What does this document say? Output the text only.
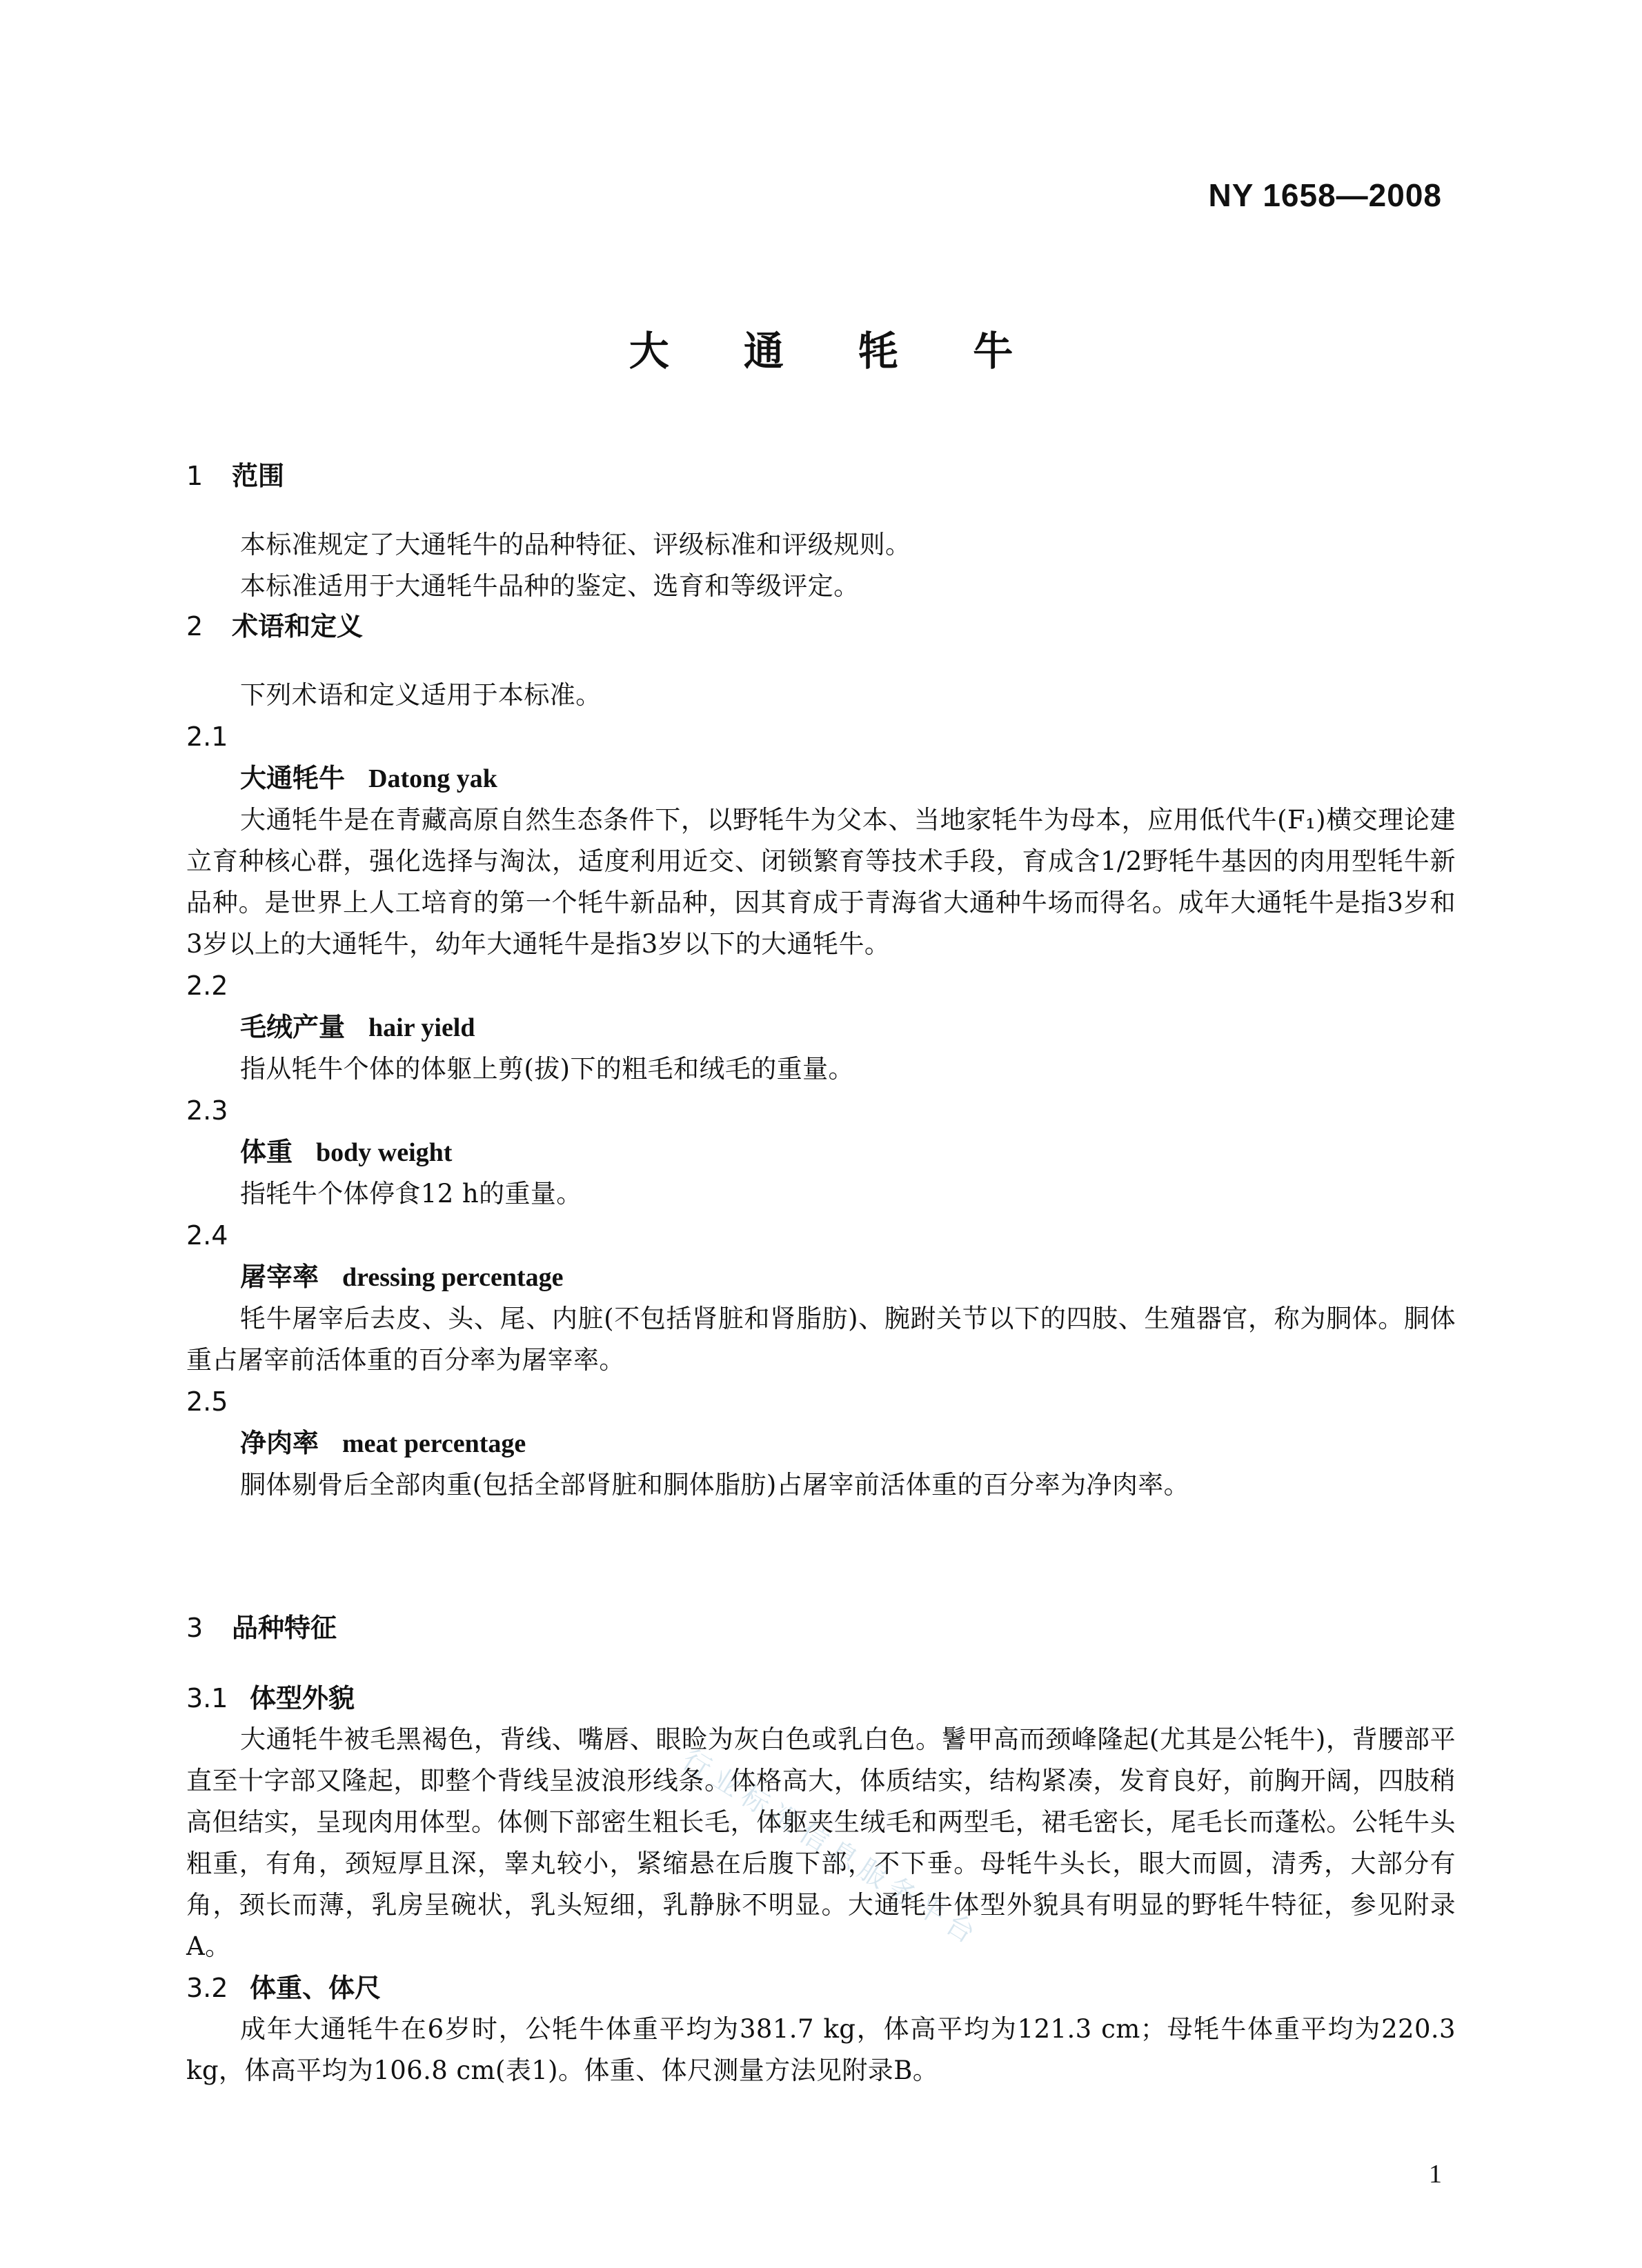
NY 1658—2008
大 通 牦 牛
行业标准信息服务平台
1 范围
本标准规定了大通牦牛的品种特征、评级标准和评级规则。
本标准适用于大通牦牛品种的鉴定、选育和等级评定。
2 术语和定义
下列术语和定义适用于本标准。
2.1
大通牦牛 Datong yak
大通牦牛是在青藏高原自然生态条件下，以野牦牛为父本、当地家牦牛为母本，应用低代牛(F₁)横交理论建立育种核心群，强化选择与淘汰，适度利用近交、闭锁繁育等技术手段，育成含1/2野牦牛基因的肉用型牦牛新品种。是世界上人工培育的第一个牦牛新品种，因其育成于青海省大通种牛场而得名。成年大通牦牛是指3岁和3岁以上的大通牦牛，幼年大通牦牛是指3岁以下的大通牦牛。
2.2
毛绒产量 hair yield
指从牦牛个体的体躯上剪(拔)下的粗毛和绒毛的重量。
2.3
体重 body weight
指牦牛个体停食12 h的重量。
2.4
屠宰率 dressing percentage
牦牛屠宰后去皮、头、尾、内脏(不包括肾脏和肾脂肪)、腕跗关节以下的四肢、生殖器官，称为胴体。胴体重占屠宰前活体重的百分率为屠宰率。
2.5
净肉率 meat percentage
胴体剔骨后全部肉重(包括全部肾脏和胴体脂肪)占屠宰前活体重的百分率为净肉率。
3 品种特征
3.1 体型外貌
大通牦牛被毛黑褐色，背线、嘴唇、眼睑为灰白色或乳白色。鬐甲高而颈峰隆起(尤其是公牦牛)，背腰部平直至十字部又隆起，即整个背线呈波浪形线条。体格高大，体质结实，结构紧凑，发育良好，前胸开阔，四肢稍高但结实，呈现肉用体型。体侧下部密生粗长毛，体躯夹生绒毛和两型毛，裙毛密长，尾毛长而蓬松。公牦牛头粗重，有角，颈短厚且深，睾丸较小，紧缩悬在后腹下部，不下垂。母牦牛头长，眼大而圆，清秀，大部分有角，颈长而薄，乳房呈碗状，乳头短细，乳静脉不明显。大通牦牛体型外貌具有明显的野牦牛特征，参见附录A。
3.2 体重、体尺
成年大通牦牛在6岁时，公牦牛体重平均为381.7 kg，体高平均为121.3 cm；母牦牛体重平均为220.3 kg，体高平均为106.8 cm(表1)。体重、体尺测量方法见附录B。
1
